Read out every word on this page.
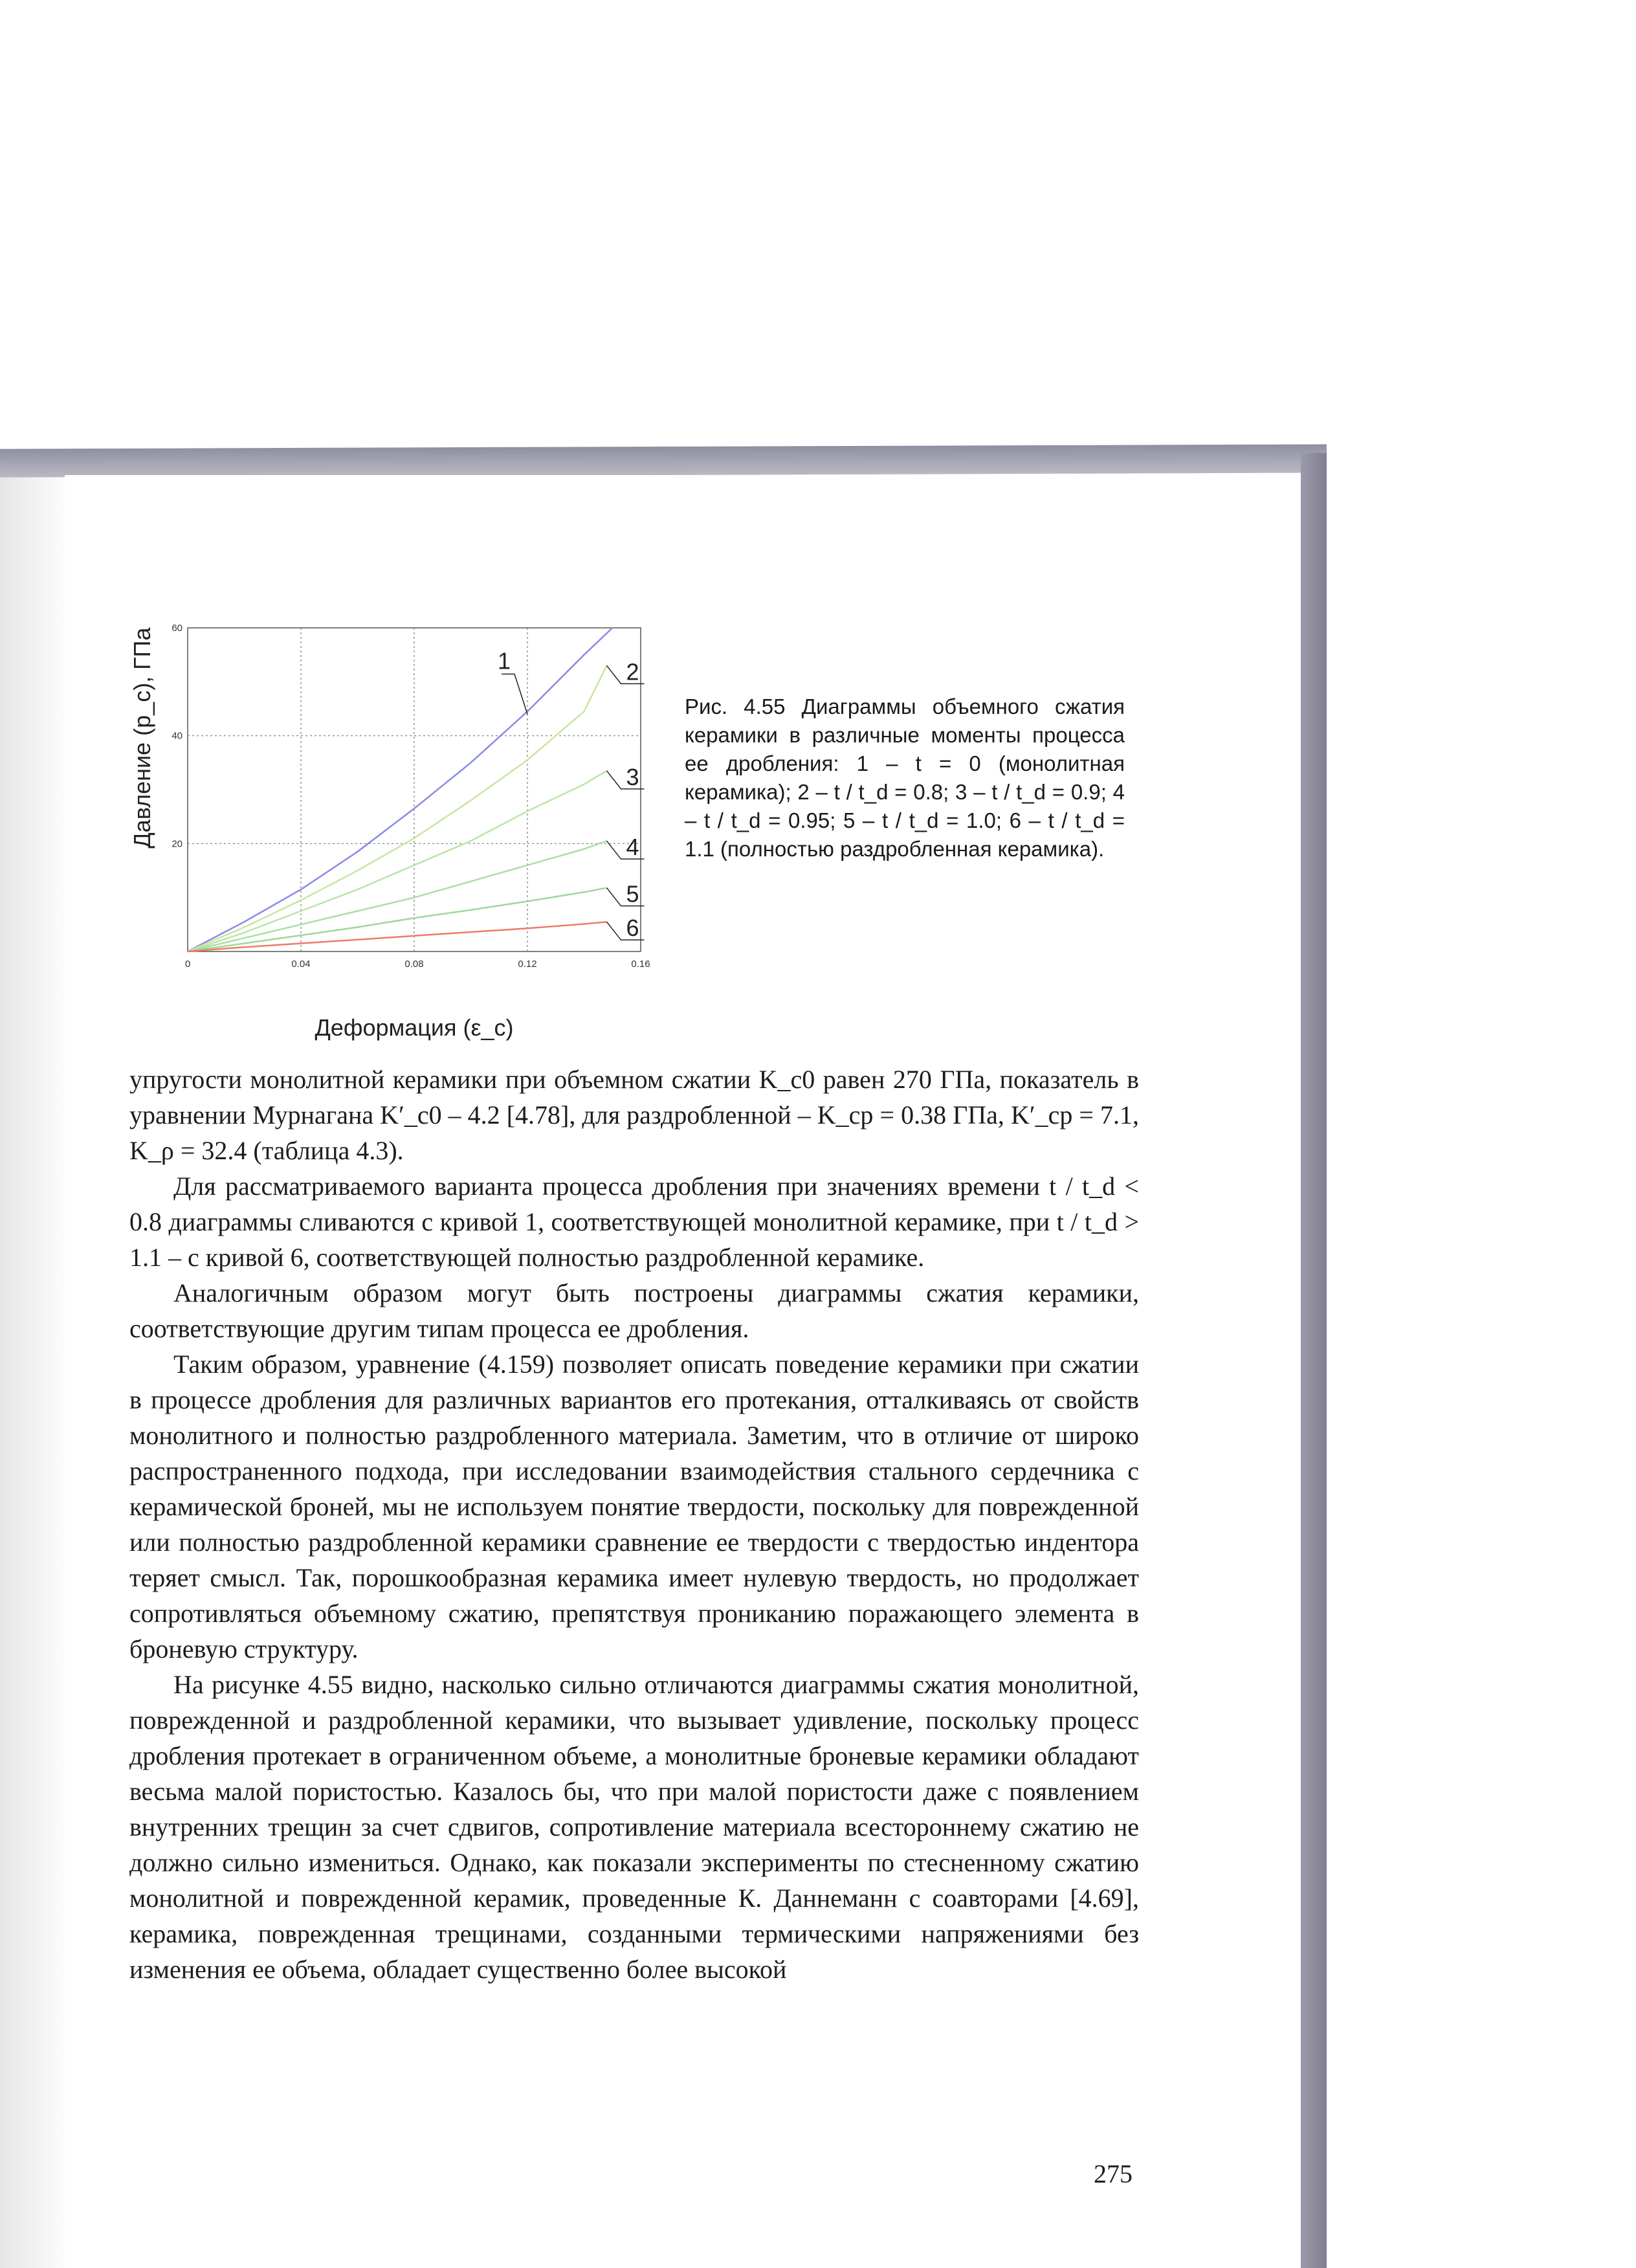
0	0.04	0.08	0.12	0.16
20
40
60
1	2
3
4
5
6
Давление (p_c), ГПа
Деформация (ε_c)
Рис. 4.55 Диаграммы объемного сжатия керамики в различные моменты процесса ее дробления: 1 – t = 0 (монолитная керамика); 2 – t / t_d = 0.8; 3 – t / t_d = 0.9; 4 – t / t_d = 0.95; 5 – t / t_d = 1.0; 6 – t / t_d = 1.1 (полностью раздробленная керамика).

упругости монолитной керамики при объемном сжатии K_c0 равен 270 ГПа, показатель в уравнении Мурнагана K′_c0 – 4.2 [4.78], для раздробленной – K_cp = 0.38 ГПа, K′_cp = 7.1, K_ρ = 32.4 (таблица 4.3).

Для рассматриваемого варианта процесса дробления при значениях времени t / t_d < 0.8 диаграммы сливаются с кривой 1, соответствующей монолитной керамике, при t / t_d > 1.1 – с кривой 6, соответствующей полностью раздробленной керамике.

Аналогичным образом могут быть построены диаграммы сжатия керамики, соответствующие другим типам процесса ее дробления.

Таким образом, уравнение (4.159) позволяет описать поведение керамики при сжатии в процессе дробления для различных вариантов его протекания, отталкиваясь от свойств монолитного и полностью раздробленного материала. Заметим, что в отличие от широко распространенного подхода, при исследовании взаимодействия стального сердечника с керамической броней, мы не используем понятие твердости, поскольку для поврежденной или полностью раздробленной керамики сравнение ее твердости с твердостью индентора теряет смысл. Так, порошкообразная керамика имеет нулевую твердость, но продолжает сопротивляться объемному сжатию, препятствуя прониканию поражающего элемента в броневую структуру.

На рисунке 4.55 видно, насколько сильно отличаются диаграммы сжатия монолитной, поврежденной и раздробленной керамики, что вызывает удивление, поскольку процесс дробления протекает в ограниченном объеме, а монолитные броневые керамики обладают весьма малой пористостью. Казалось бы, что при малой пористости даже с появлением внутренних трещин за счет сдвигов, сопротивление материала всестороннему сжатию не должно сильно измениться. Однако, как показали эксперименты по стесненному сжатию монолитной и поврежденной керамик, проведенные К. Даннеманн с соавторами [4.69], керамика, поврежденная трещинами, созданными термическими напряжениями без изменения ее объема, обладает существенно более высокой

275
